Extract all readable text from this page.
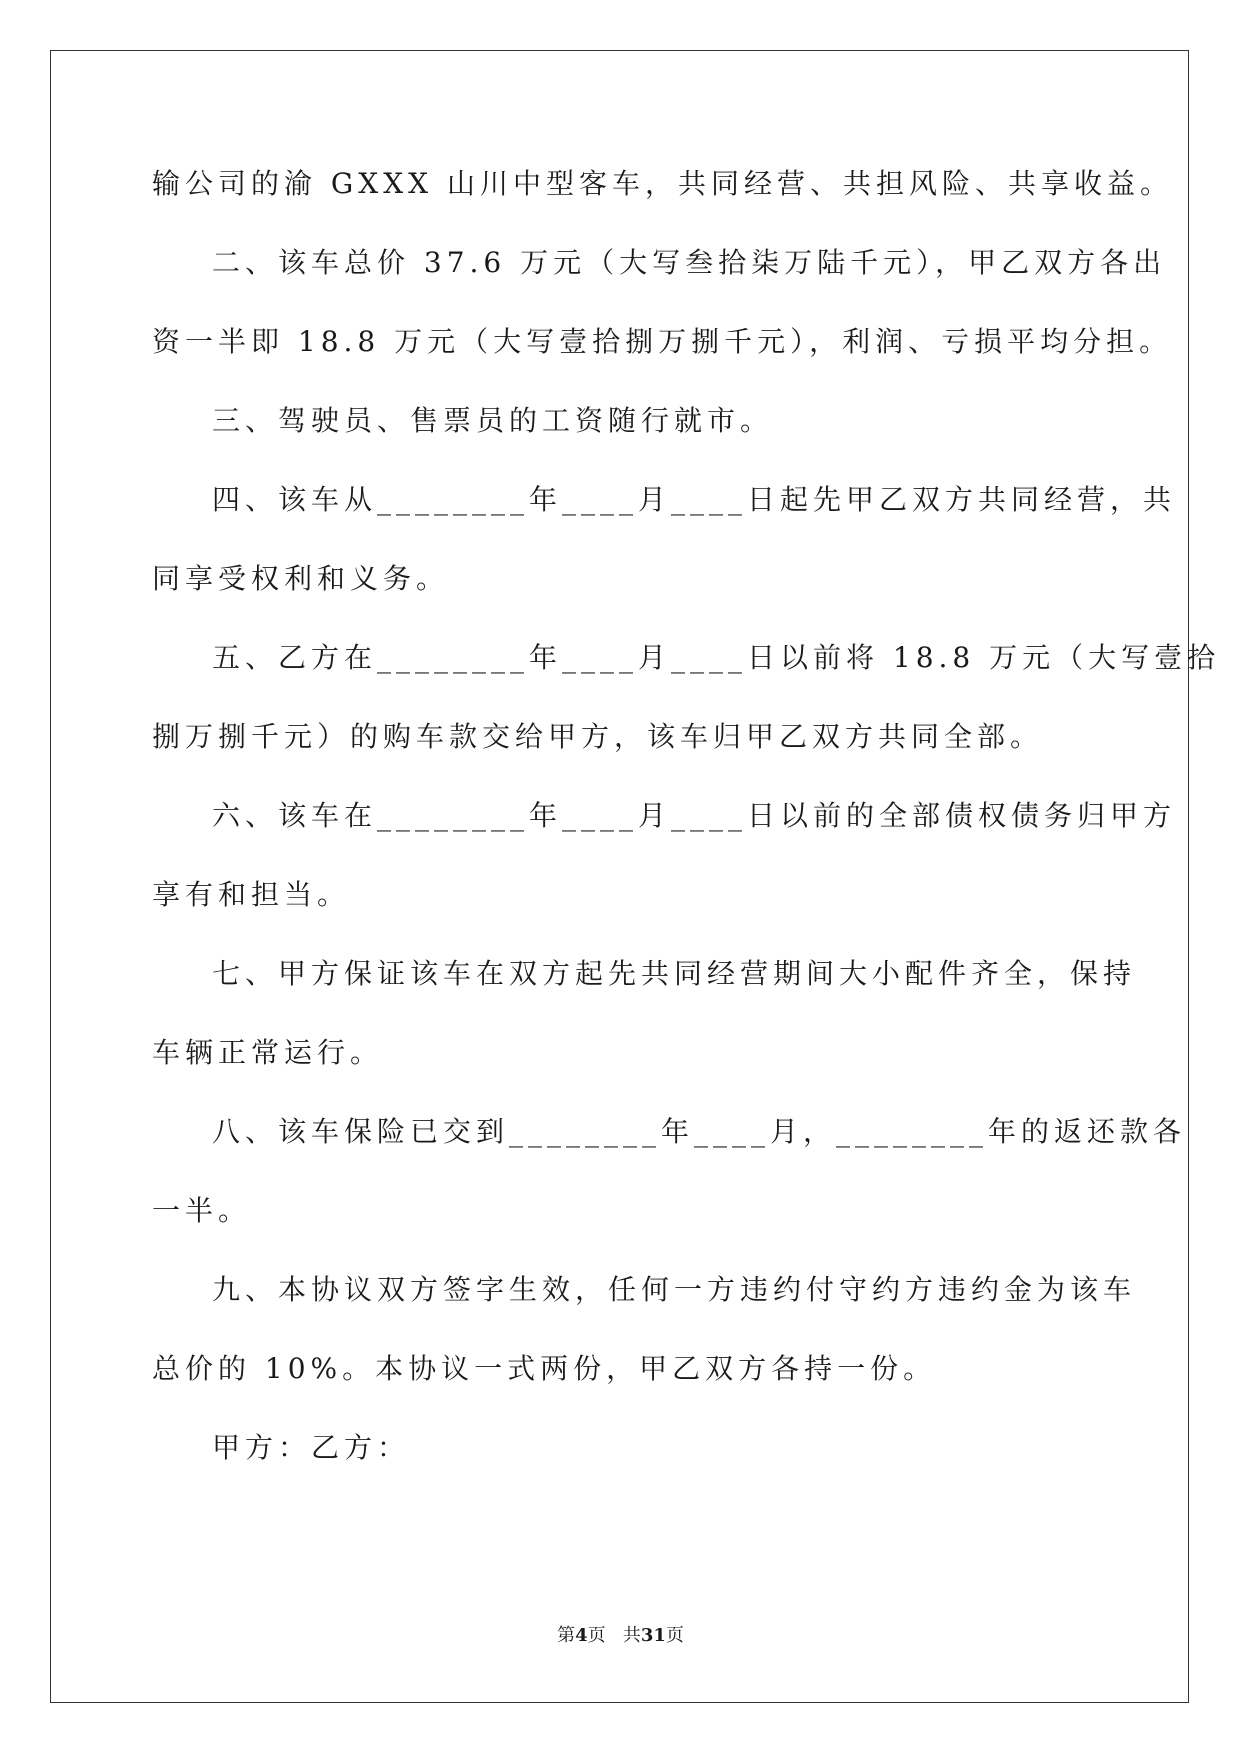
输公司的渝 GXXX 山川中型客车，共同经营、共担风险、共享收益。
二、该车总价 37.6 万元（大写叁拾柒万陆千元），甲乙双方各出
资一半即 18.8 万元（大写壹拾捌万捌千元），利润、亏损平均分担。
三、驾驶员、售票员的工资随行就市。
四、该车从________年____月____日起先甲乙双方共同经营，共
同享受权利和义务。
五、乙方在________年____月____日以前将 18.8 万元（大写壹拾
捌万捌千元）的购车款交给甲方，该车归甲乙双方共同全部。
六、该车在________年____月____日以前的全部债权债务归甲方
享有和担当。
七、甲方保证该车在双方起先共同经营期间大小配件齐全，保持
车辆正常运行。
八、该车保险已交到________年____月，________年的返还款各
一半。
九、本协议双方签字生效，任何一方违约付守约方违约金为该车
总价的 10%。本协议一式两份，甲乙双方各持一份。
甲方：乙方：
第4页 共31页
